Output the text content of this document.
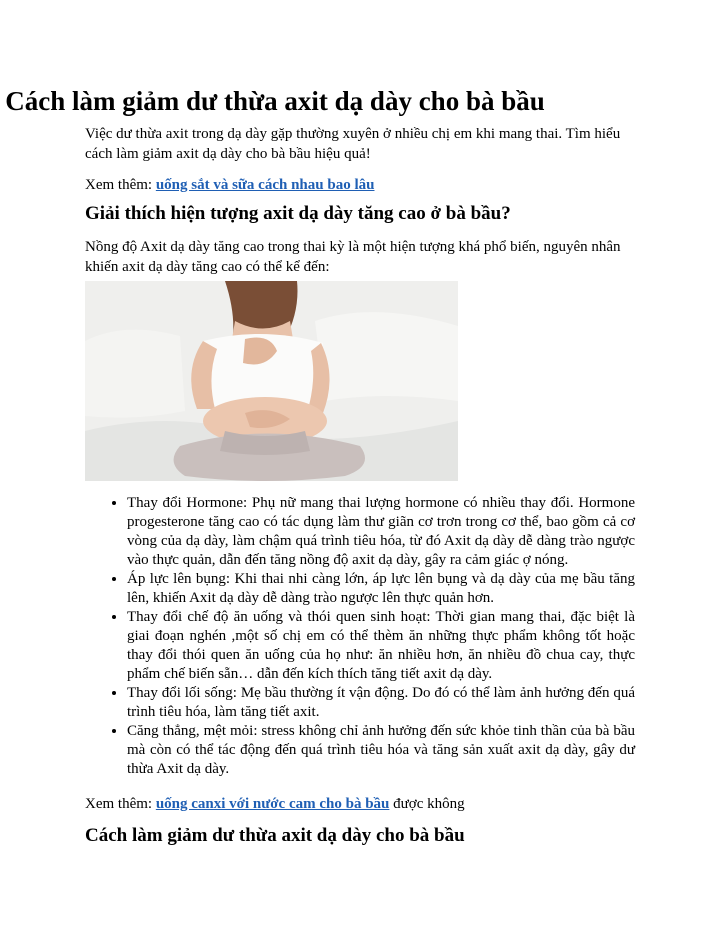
Cách làm giảm dư thừa axit dạ dày cho bà bầu

Việc dư thừa axit trong dạ dày gặp thường xuyên ở nhiều chị em khi mang thai. Tìm hiểu cách làm giảm axit dạ dày cho bà bầu hiệu quả!

Xem thêm: uống sắt và sữa cách nhau bao lâu

Giải thích hiện tượng axit dạ dày tăng cao ở bà bầu?

Nồng độ Axit dạ dày tăng cao trong thai kỳ là một hiện tượng khá phổ biến, nguyên nhân khiến axit dạ dày tăng cao có thể kể đến:

• Thay đổi Hormone: Phụ nữ mang thai lượng hormone có nhiều thay đổi. Hormone progesterone tăng cao có tác dụng làm thư giãn cơ trơn trong cơ thể, bao gồm cả cơ vòng của dạ dày, làm chậm quá trình tiêu hóa, từ đó Axit dạ dày dễ dàng trào ngược vào thực quản, dẫn đến tăng nồng độ axit dạ dày, gây ra cảm giác ợ nóng.
• Áp lực lên bụng: Khi thai nhi càng lớn, áp lực lên bụng và dạ dày của mẹ bầu tăng lên, khiến Axit dạ dày dễ dàng trào ngược lên thực quản hơn.
• Thay đổi chế độ ăn uống và thói quen sinh hoạt: Thời gian mang thai, đặc biệt là giai đoạn nghén ,một số chị em có thể thèm ăn những thực phẩm không tốt hoặc thay đổi thói quen ăn uống của họ như: ăn nhiều hơn, ăn nhiều đồ chua cay, thực phẩm chế biến sẵn… dẫn đến kích thích tăng tiết axit dạ dày.
• Thay đổi lối sống: Mẹ bầu thường ít vận động. Do đó có thể làm ảnh hưởng đến quá trình tiêu hóa, làm tăng tiết axit.
• Căng thẳng, mệt mỏi: stress không chỉ ảnh hưởng đến sức khỏe tinh thần của bà bầu mà còn có thể tác động đến quá trình tiêu hóa và tăng sản xuất axit dạ dày, gây dư thừa Axit dạ dày.

Xem thêm: uống canxi với nước cam cho bà bầu được không

Cách làm giảm dư thừa axit dạ dày cho bà bầu
